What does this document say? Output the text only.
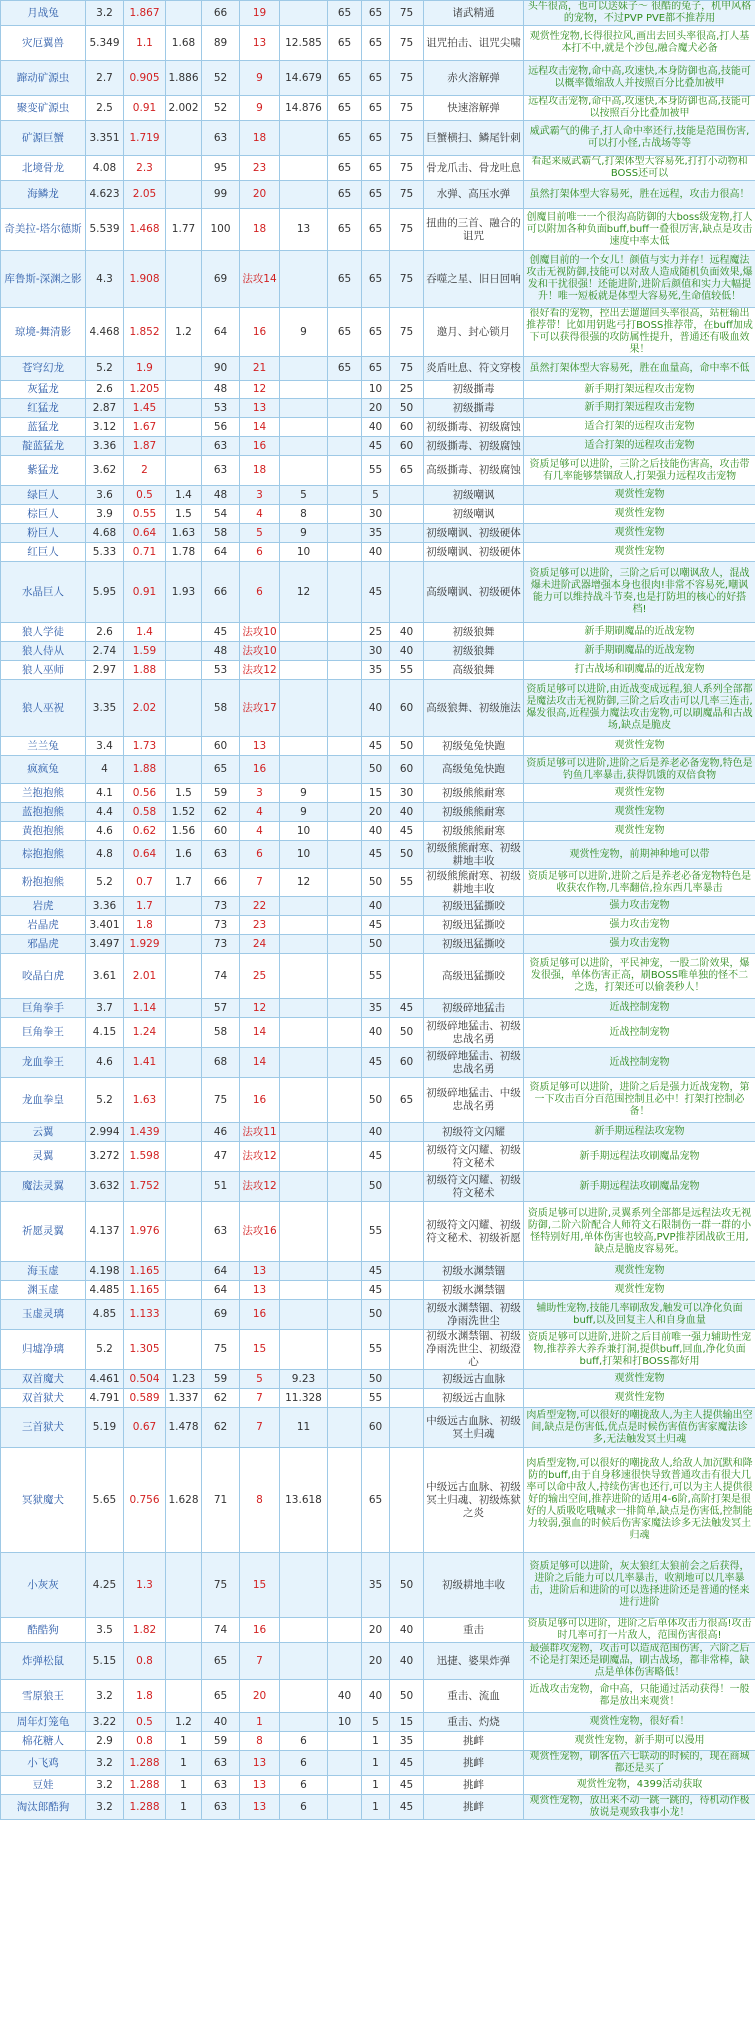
月战兔	3.2	1.867		66	19		65	65	75	诸武精通	头牛很高，也可以送妹子～ 很酷的兔子，机甲风格的宠物，不过PVP PVE都不推荐用
灾厄翼兽	5.349	1.1	1.68	89	13	12.585	65	65	75	诅咒拍击、诅咒尖啸	观赏性宠物,长得很拉风,画出去回头率很高,打人基本打不中,就是个沙包,融合魔犬必备
蹿动矿源虫	2.7	0.905	1.886	52	9	14.679	65	65	75	赤火溶解弹	远程攻击宠物,命中高,攻速快,本身防御也高,技能可以概率微缩敌人并按照百分比叠加被甲
聚变矿源虫	2.5	0.91	2.002	52	9	14.876	65	65	75	快速溶解弹	远程攻击宠物,命中高,攻速快,本身防御也高,技能可以按照百分比叠加被甲
矿源巨蟹	3.351	1.719		63	18		65	65	75	巨蟹横扫、鳞尾针刺	威武霸气的佛子,打人命中率还行,技能是范围伤害,可以打小怪,古战场等等
北境骨龙	4.08	2.3		95	23		65	65	75	骨龙爪击、骨龙吐息	看起来威武霸气,打架体型大容易死,打打小动物和BOSS还可以
海鳞龙	4.623	2.05		99	20		65	65	75	水弹、高压水弹	虽然打架体型大容易死，胜在远程，攻击力很高！
奇美拉-塔尔德斯	5.539	1.468	1.77	100	18	13	65	65	75	扭曲的三首、融合的诅咒	创魔目前唯一一个很沟高防御的大boss级宠物,打人可以附加各种负面buff,buff一叠很厉害,缺点是攻击速度中率太低
库鲁斯-深渊之影	4.3	1.908		69	法攻14		65	65	75	吞噬之星、旧日回响	创魔目前的一个女儿！颜值与实力并存！远程魔法攻击无视防御,技能可以对敌人造成随机负面效果,爆发和干扰很强！还能进阶,进阶后颜值和实力大幅提升！唯一短板就是体型大容易死,生命值较低！
琼境-舞清影	4.468	1.852	1.2	64	16	9	65	65	75	邀月、封心锁月	很好看的宠物，控出去遛遛回头率很高，站桩输出推荐带！比如用钥匙弓打BOSS推荐带，在buff加成下可以获得很强的攻防属性提升，普通还有吸血效果！
苍穹幻龙	5.2	1.9		90	21		65	65	75	炎盾吐息、符文穿梭	虽然打架体型大容易死，胜在血量高，命中率不低
灰猛龙	2.6	1.205		48	12			10	25	初级撕毒	新手期打架远程攻击宠物
红猛龙	2.87	1.45		53	13			20	50	初级撕毒	新手期打架远程攻击宠物
蓝猛龙	3.12	1.67		56	14			40	60	初级撕毒、初级腐蚀	适合打架的远程攻击宠物
靛蓝猛龙	3.36	1.87		63	16			45	60	初级撕毒、初级腐蚀	适合打架的远程攻击宠物
紫猛龙	3.62	2		63	18			55	65	高级撕毒、初级腐蚀	资质足够可以进阶，三阶之后技能伤害高，攻击带有几率能够禁锢敌人,打架强力远程攻击宠物
绿巨人	3.6	0.5	1.4	48	3	5		5		初级嘲讽	观赏性宠物
棕巨人	3.9	0.55	1.5	54	4	8		30		初级嘲讽	观赏性宠物
粉巨人	4.68	0.64	1.63	58	5	9		35		初级嘲讽、初级硬体	观赏性宠物
红巨人	5.33	0.71	1.78	64	6	10		40		初级嘲讽、初级硬体	观赏性宠物
水晶巨人	5.95	0.91	1.93	66	6	12		45		高级嘲讽、初级硬体	资质足够可以进阶，三阶之后可以嘲讽敌人，混战爆未进阶武器增强本身也很肉!非常不容易死,嘲讽能力可以维持战斗节奏,也是打防坦的核心的好搭档!
狼人学徒	2.6	1.4		45	法攻10			25	40	初级狼舞	新手期刷魔晶的近战宠物
狼人侍从	2.74	1.59		48	法攻10			30	40	初级狼舞	新手期刷魔晶的近战宠物
狼人巫师	2.97	1.88		53	法攻12			35	55	高级狼舞	打古战场和刷魔晶的近战宠物
狼人巫祝	3.35	2.02		58	法攻17			40	60	高级狼舞、初级施法	资质足够可以进阶,由近战变成远程,狼人系列全部都是魔法攻击无视防御,三阶之后攻击可以几率三连击,爆发很高,近程强力魔法攻击宠物,可以刷魔晶和古战场,缺点是脆皮
兰兰兔	3.4	1.73		60	13			45	50	初级兔兔快跑	观赏性宠物
疯疯兔	4	1.88		65	16			50	60	高级兔兔快跑	资质足够可以进阶,进阶之后是养老必备宠物,特色是钓鱼几率暴击,获得饥饿的双倍食物
兰抱抱熊	4.1	0.56	1.5	59	3	9		15	30	初级熊熊耐寒	观赏性宠物
蓝抱抱熊	4.4	0.58	1.52	62	4	9		20	40	初级熊熊耐寒	观赏性宠物
黄抱抱熊	4.6	0.62	1.56	60	4	10		40	45	初级熊熊耐寒	观赏性宠物
棕抱抱熊	4.8	0.64	1.6	63	6	10		45	50	初级熊熊耐寒、初级耕地丰收	观赏性宠物，前期神种地可以带
粉抱抱熊	5.2	0.7	1.7	66	7	12		50	55	初级熊熊耐寒、初级耕地丰收	资质足够可以进阶,进阶之后是养老必备宠物特色是收获农作物,几率翻倍,捡东西几率暴击
岩虎	3.36	1.7		73	22			40		初级迅猛撕咬	强力攻击宠物
岩晶虎	3.401	1.8		73	23			45		初级迅猛撕咬	强力攻击宠物
邪晶虎	3.497	1.929		73	24			50		初级迅猛撕咬	强力攻击宠物
咬晶白虎	3.61	2.01		74	25			55		高级迅猛撕咬	资质足够可以进阶，平民神宠，一股二阶效果，爆发很强，单体伤害正高，刷BOSS唯单独的怪不二之选，打架还可以偷袭秒人！
巨角拳手	3.7	1.14		57	12			35	45	初级碎地猛击	近战控制宠物
巨角拳王	4.15	1.24		58	14			40	50	初级碎地猛击、初级忠战名勇	近战控制宠物
龙血拳王	4.6	1.41		68	14			45	60	初级碎地猛击、初级忠战名勇	近战控制宠物
龙血拳皇	5.2	1.63		75	16			50	65	初级碎地猛击、中级忠战名勇	资质足够可以进阶，进阶之后是强力近战宠物，第一下攻击百分百范围控制且必中！打架打控制必备！
云翼	2.994	1.439		46	法攻11			40		初级符文闪耀	新手期远程法攻宠物
灵翼	3.272	1.598		47	法攻12			45		初级符文闪耀、初级符文秘术	新手期远程法攻刷魔晶宠物
魔法灵翼	3.632	1.752		51	法攻12			50		初级符文闪耀、初级符文秘术	新手期远程法攻刷魔晶宠物
祈愿灵翼	4.137	1.976		63	法攻16			55		初级符文闪耀、初级符文秘术、初级祈愿	资质足够可以进阶,灵翼系列全部都是远程法攻无视防御,二阶六阶配合人师符文石限制伤一群一群的小怪特别好用,单体伤害也较高,PVP推荐团战砍王用,缺点是脆皮容易死。
海玉虚	4.198	1.165		64	13			45		初级水渊禁锢	观赏性宠物
渊玉虚	4.485	1.165		64	13			45		初级水渊禁锢	观赏性宠物
玉虚灵璃	4.85	1.133		69	16			50		初级水渊禁锢、初级净雨洗世尘	辅助性宠物,技能几率刷敌发,触发可以净化负面buff,以及回复主人和自身血量
归墟净璃	5.2	1.305		75	15			55		初级水渊禁锢、初级净雨洗世尘、初级澄心	资质足够可以进阶,进阶之后目前唯一强力辅助性宠物,推荐养大养乔兼打洞,提供buff,回血,净化负面buff,打架和打BOSS都好用
双首魔犬	4.461	0.504	1.23	59	5	9.23		50		初级远古血脉	观赏性宠物
双首狱犬	4.791	0.589	1.337	62	7	11.328		55		初级远古血脉	观赏性宠物
三首狱犬	5.19	0.67	1.478	62	7	11		60		中级远古血脉、初级冥土归魂	肉盾型宠物,可以很好的嘲拢敌人,为主人提供输出空间,缺点是伤害低,优点是时候伤害值伤害家魔法诊多,无法触发冥土归魂
冥狱魔犬	5.65	0.756	1.628	71	8	13.618		65		中级远古血脉、初级冥土归魂、初级炼狱之炎	肉盾型宠物,可以很好的嘲拢敌人,给敌人加沉默和降防的buff,由于自身移速很快导致普通攻击有很大几率可以命中敌人,持续伤害也还行,可以为主人提供很好的输出空间,推荐进阶的适用4-6阶,高阶打架是很好的人质吸吃哦喊求一排简单,缺点是伤害低,控制能力较弱,强血的时候后伤害家魔法诊多无法触发冥土归魂
小灰灰	4.25	1.3		75	15			35	50	初级耕地丰收	资质足够可以进阶，灰太狼红太狼前会之后获得，进阶之后能力可以几率暴击，收割地可以几率暴击，进阶后和进阶的可以选择进阶还是普通的怪来进行进阶
酷酷狗	3.5	1.82		74	16			20	40	重击	资质足够可以进阶，进阶之后单体攻击力很高!攻击时几率可打一片敌人，范围伤害很高!
炸弹松鼠	5.15	0.8		65	7			20	40	迅捷、婆果炸弹	最强群攻宠物，攻击可以造成范围伤害，六阶之后不论是打架还是刷魔晶，刷古战场，都非常棒，缺点是单体伤害略低！
雪原狼王	3.2	1.8		65	20		40	40	50	重击、流血	近战攻击宠物，命中高，只能通过活动获得！一般都是放出来观赏！
周年灯笼龟	3.22	0.5	1.2	40	1		10	5	15	重击、灼烧	观赏性宠物，很好看！
棉花糖人	2.9	0.8	1	59	8	6		1	35	挑衅	观赏性宠物，新手期可以漫用
小飞鸡	3.2	1.288	1	63	13	6		1	45	挑衅	观赏性宠物，刷客伍六七联动的时候的，现在商城都还是买了
豆娃	3.2	1.288	1	63	13	6		1	45	挑衅	观赏性宠物，4399活动获取
淘汰郎酷狗	3.2	1.288	1	63	13	6		1	45	挑衅	观赏性宠物，放出来不动一跳一跳的，待机动作极放说是观致我事小龙！
